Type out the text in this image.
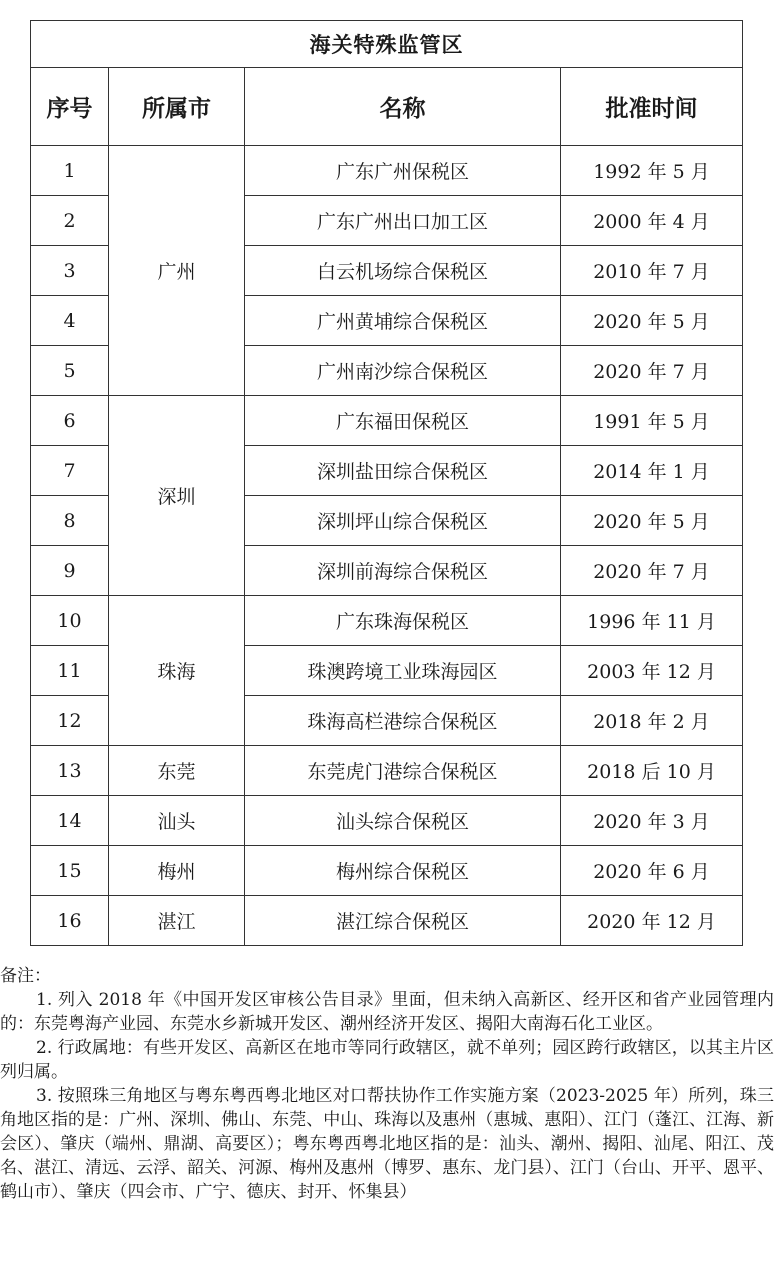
海关特殊监管区			
序号	所属市	名称	批准时间
1	广州	广东广州保税区	1992 年 5 月
2		广东广州出口加工区	2000 年 4 月
3		白云机场综合保税区	2010 年 7 月
4		广州黄埔综合保税区	2020 年 5 月
5		广州南沙综合保税区	2020 年 7 月
6	深圳	广东福田保税区	1991 年 5 月
7		深圳盐田综合保税区	2014 年 1 月
8		深圳坪山综合保税区	2020 年 5 月
9		深圳前海综合保税区	2020 年 7 月
10	珠海	广东珠海保税区	1996 年 11 月
11		珠澳跨境工业珠海园区	2003 年 12 月
12		珠海高栏港综合保税区	2018 年 2 月
13	东莞	东莞虎门港综合保税区	2018 后 10 月
14	汕头	汕头综合保税区	2020 年 3 月
15	梅州	梅州综合保税区	2020 年 6 月
16	湛江	湛江综合保税区	2020 年 12 月

备注：

1. 列入 2018 年《中国开发区审核公告目录》里面，但未纳入高新区、经开区和省产业园管理内的：东莞粤海产业园、东莞水乡新城开发区、潮州经济开发区、揭阳大南海石化工业区。

2. 行政属地：有些开发区、高新区在地市等同行政辖区，就不单列；园区跨行政辖区，以其主片区列归属。

3. 按照珠三角地区与粤东粤西粤北地区对口帮扶协作工作实施方案（2023-2025 年）所列，珠三角地区指的是：广州、深圳、佛山、东莞、中山、珠海以及惠州（惠城、惠阳）、江门（蓬江、江海、新会区）、肇庆（端州、鼎湖、高要区）；粤东粤西粤北地区指的是：汕头、潮州、揭阳、汕尾、阳江、茂名、湛江、清远、云浮、韶关、河源、梅州及惠州（博罗、惠东、龙门县）、江门（台山、开平、恩平、鹤山市）、肇庆（四会市、广宁、德庆、封开、怀集县）
